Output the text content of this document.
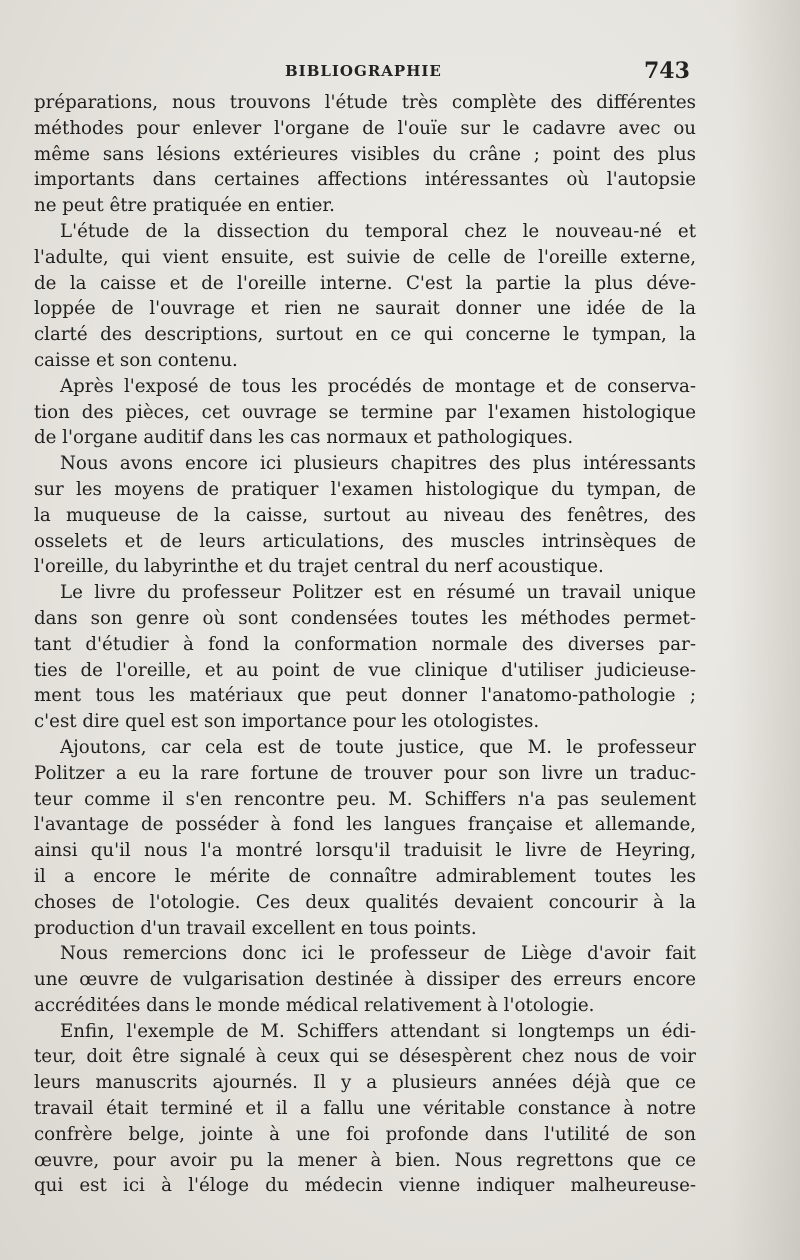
BIBLIOGRAPHIE	743
préparations, nous trouvons l'étude très complète des différentes
méthodes pour enlever l'organe de l'ouïe sur le cadavre avec ou
même sans lésions extérieures visibles du crâne ; point des plus
importants dans certaines affections intéressantes où l'autopsie
ne peut être pratiquée en entier.
L'étude de la dissection du temporal chez le nouveau-né et
l'adulte, qui vient ensuite, est suivie de celle de l'oreille externe,
de la caisse et de l'oreille interne. C'est la partie la plus déve-
loppée de l'ouvrage et rien ne saurait donner une idée de la
clarté des descriptions, surtout en ce qui concerne le tympan, la
caisse et son contenu.
Après l'exposé de tous les procédés de montage et de conserva-
tion des pièces, cet ouvrage se termine par l'examen histologique
de l'organe auditif dans les cas normaux et pathologiques.
Nous avons encore ici plusieurs chapitres des plus intéressants
sur les moyens de pratiquer l'examen histologique du tympan, de
la muqueuse de la caisse, surtout au niveau des fenêtres, des
osselets et de leurs articulations, des muscles intrinsèques de
l'oreille, du labyrinthe et du trajet central du nerf acoustique.
Le livre du professeur Politzer est en résumé un travail unique
dans son genre où sont condensées toutes les méthodes permet-
tant d'étudier à fond la conformation normale des diverses par-
ties de l'oreille, et au point de vue clinique d'utiliser judicieuse-
ment tous les matériaux que peut donner l'anatomo-pathologie ;
c'est dire quel est son importance pour les otologistes.
Ajoutons, car cela est de toute justice, que M. le professeur
Politzer a eu la rare fortune de trouver pour son livre un traduc-
teur comme il s'en rencontre peu. M. Schiffers n'a pas seulement
l'avantage de posséder à fond les langues française et allemande,
ainsi qu'il nous l'a montré lorsqu'il traduisit le livre de Heyring,
il a encore le mérite de connaître admirablement toutes les
choses de l'otologie. Ces deux qualités devaient concourir à la
production d'un travail excellent en tous points.
Nous remercions donc ici le professeur de Liège d'avoir fait
une œuvre de vulgarisation destinée à dissiper des erreurs encore
accréditées dans le monde médical relativement à l'otologie.
Enfin, l'exemple de M. Schiffers attendant si longtemps un édi-
teur, doit être signalé à ceux qui se désespèrent chez nous de voir
leurs manuscrits ajournés. Il y a plusieurs années déjà que ce
travail était terminé et il a fallu une véritable constance à notre
confrère belge, jointe à une foi profonde dans l'utilité de son
œuvre, pour avoir pu la mener à bien. Nous regrettons que ce
qui est ici à l'éloge du médecin vienne indiquer malheureuse-
